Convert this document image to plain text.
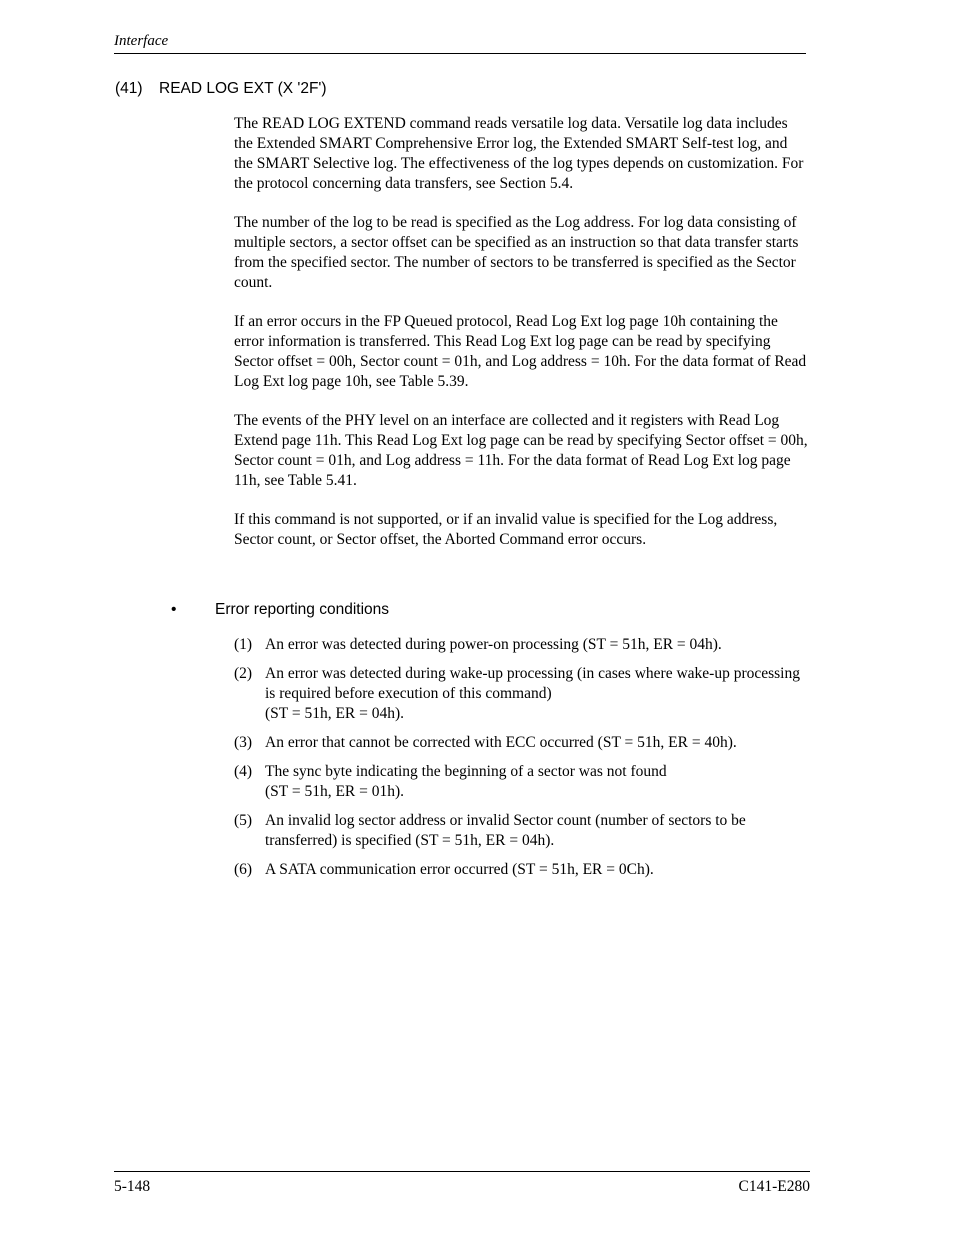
Interface
(41) READ LOG EXT (X '2F')

The READ LOG EXTEND command reads versatile log data. Versatile log data includes the Extended SMART Comprehensive Error log, the Extended SMART Self-test log, and the SMART Selective log. The effectiveness of the log types depends on customization. For the protocol concerning data transfers, see Section 5.4.

The number of the log to be read is specified as the Log address. For log data consisting of multiple sectors, a sector offset can be specified as an instruction so that data transfer starts from the specified sector. The number of sectors to be transferred is specified as the Sector count.

If an error occurs in the FP Queued protocol, Read Log Ext log page 10h containing the error information is transferred. This Read Log Ext log page can be read by specifying Sector offset = 00h, Sector count = 01h, and Log address = 10h. For the data format of Read Log Ext log page 10h, see Table 5.39.

The events of the PHY level on an interface are collected and it registers with Read Log Extend page 11h. This Read Log Ext log page can be read by specifying Sector offset = 00h, Sector count = 01h, and Log address = 11h. For the data format of Read Log Ext log page 11h, see Table 5.41.

If this command is not supported, or if an invalid value is specified for the Log address, Sector count, or Sector offset, the Aborted Command error occurs.

• Error reporting conditions
(1) An error was detected during power-on processing (ST = 51h, ER = 04h).
(2) An error was detected during wake-up processing (in cases where wake-up processing is required before execution of this command)
(ST = 51h, ER = 04h).
(3) An error that cannot be corrected with ECC occurred (ST = 51h, ER = 40h).
(4) The sync byte indicating the beginning of a sector was not found
(ST = 51h, ER = 01h).
(5) An invalid log sector address or invalid Sector count (number of sectors to be transferred) is specified (ST = 51h, ER = 04h).
(6) A SATA communication error occurred (ST = 51h, ER = 0Ch).
5-148	C141-E280
